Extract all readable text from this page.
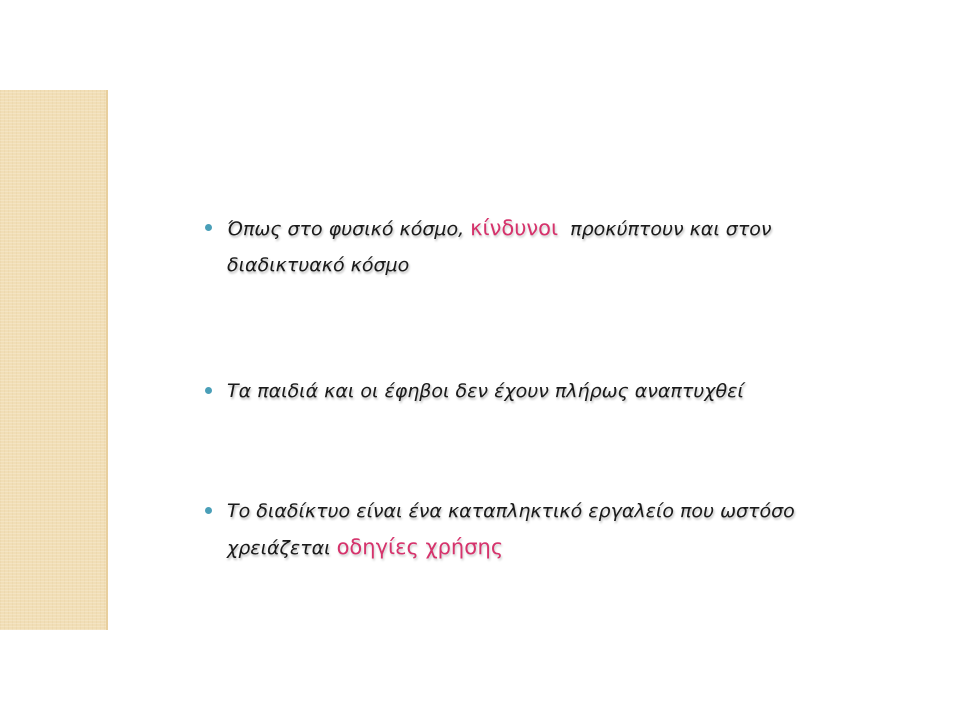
Όπως στο φυσικό κόσμο, κίνδυνοι  προκύπτουν και στον
διαδικτυακό κόσμο
Τα παιδιά και οι έφηβοι δεν έχουν πλήρως αναπτυχθεί
Το διαδίκτυο είναι ένα καταπληκτικό εργαλείο που ωστόσο
χρειάζεται οδηγίες χρήσης
